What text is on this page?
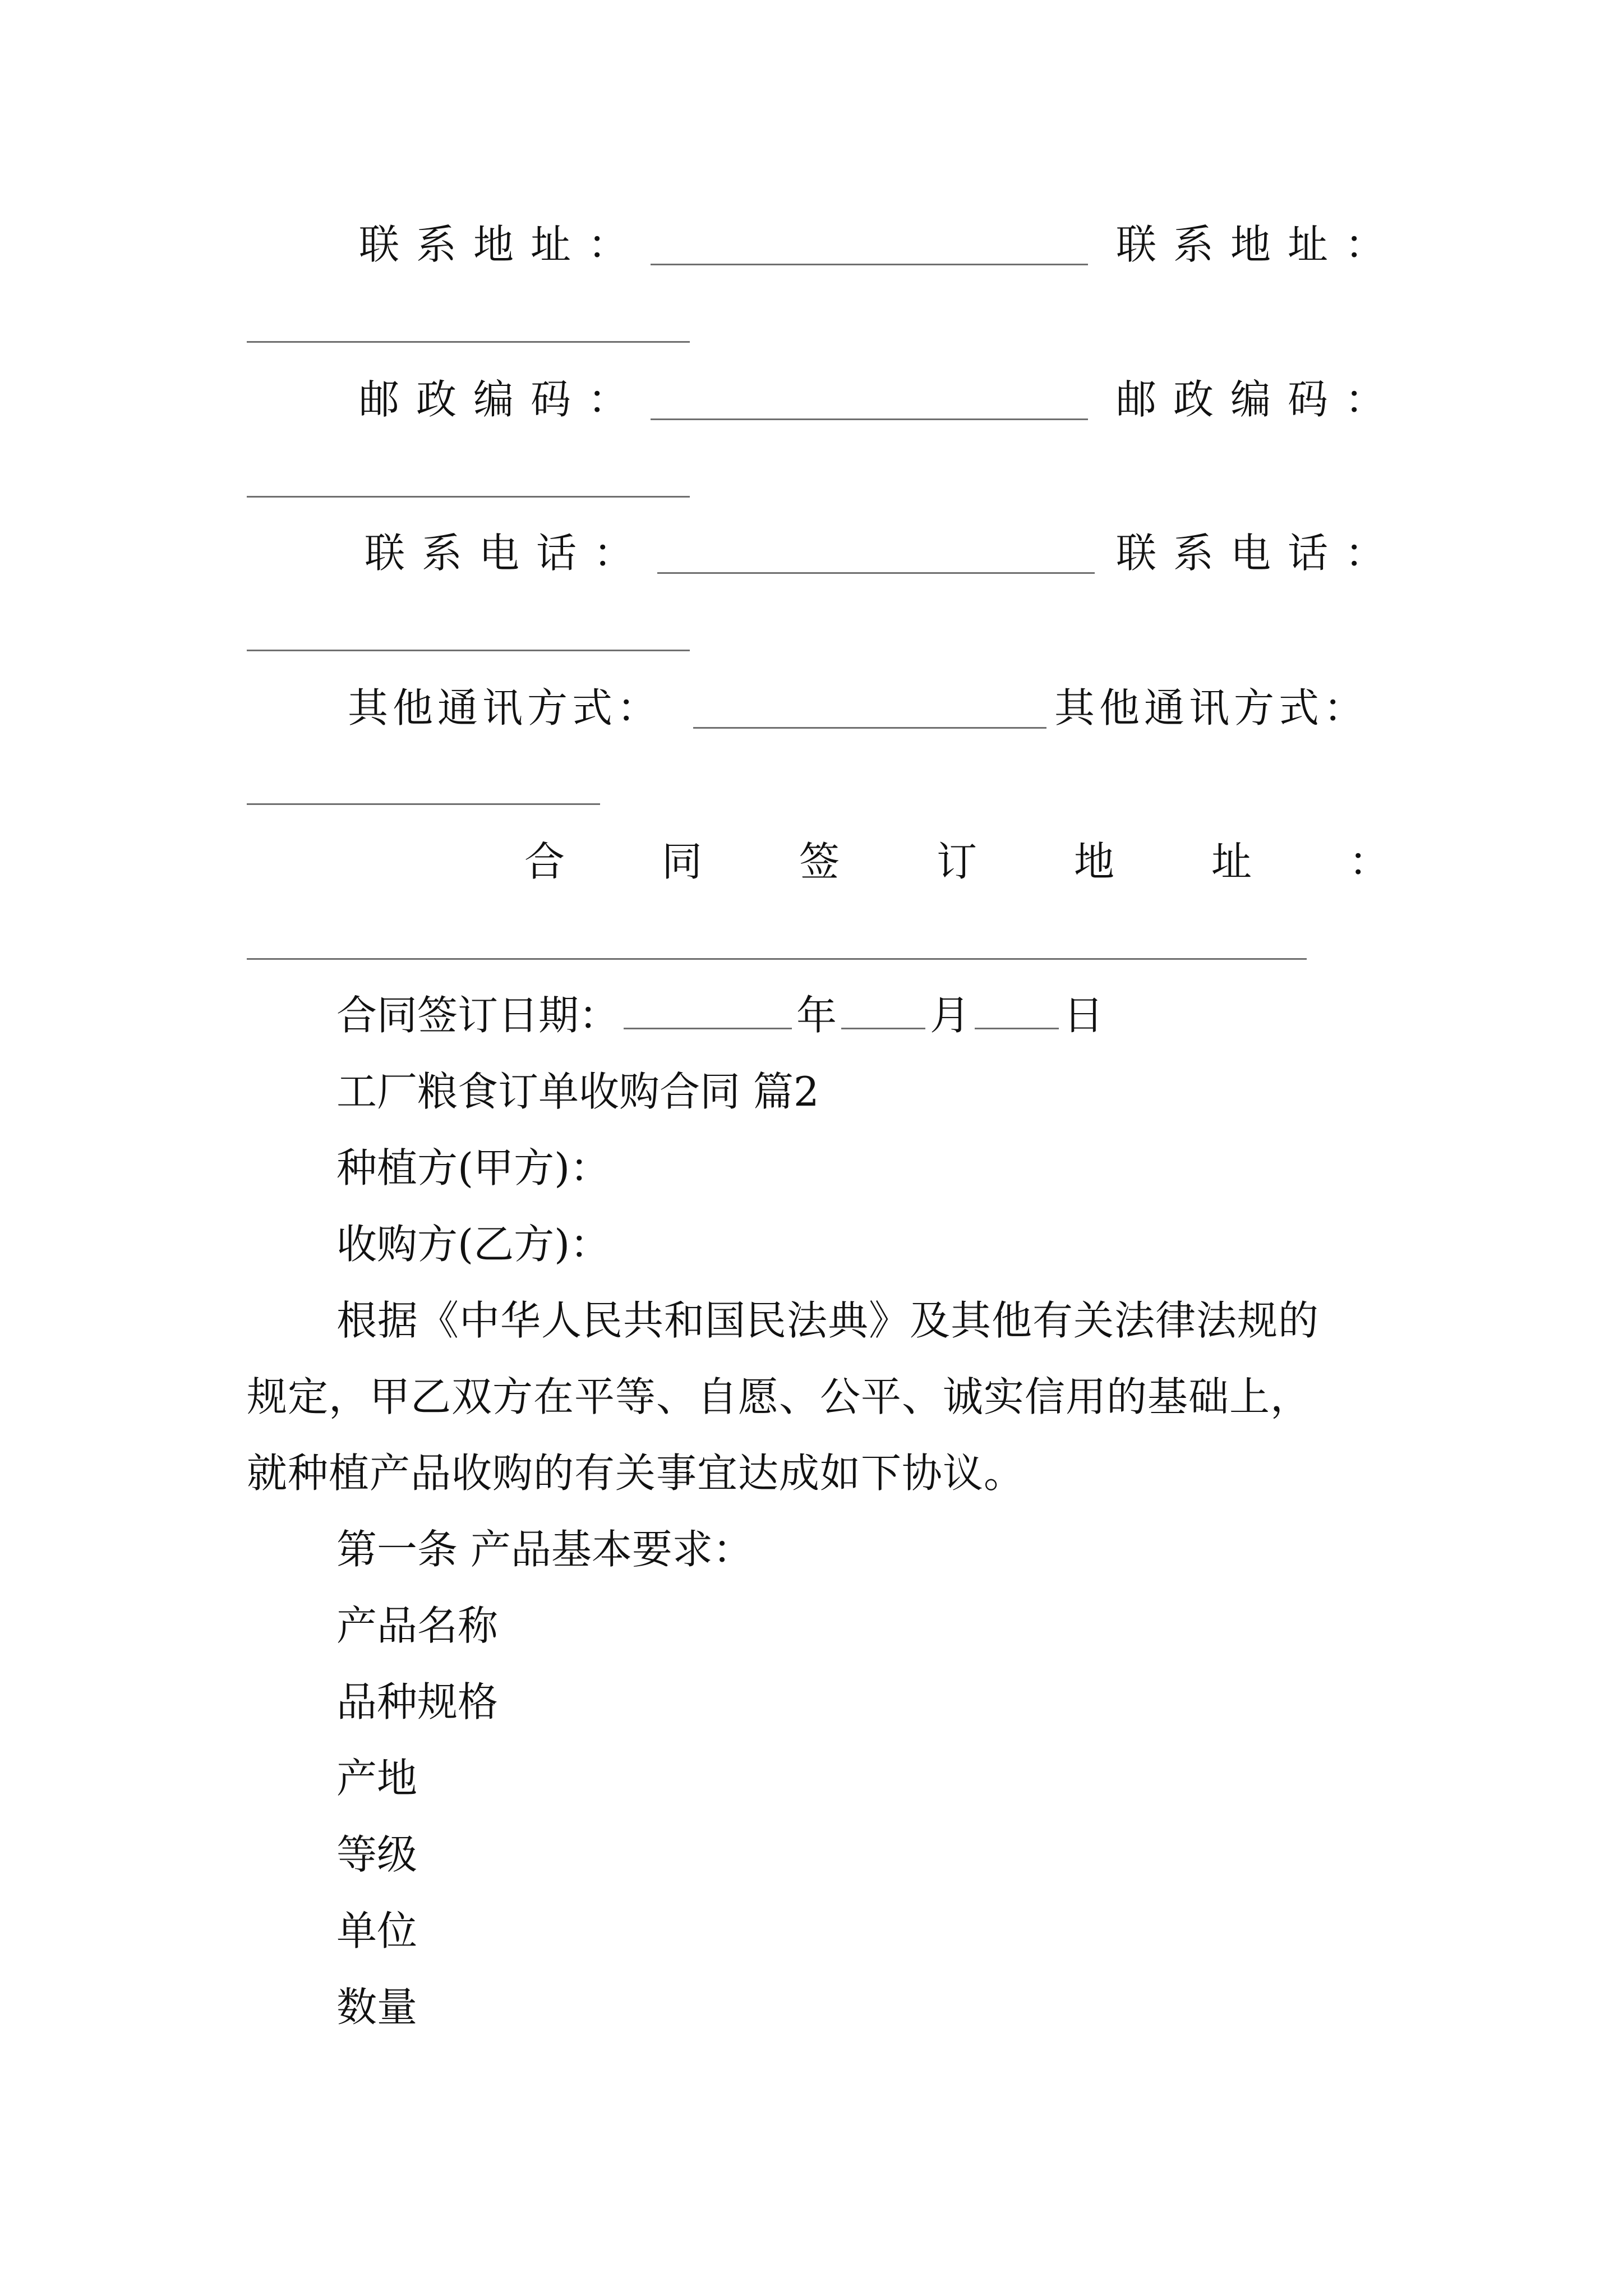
联系地址：	联系地址：
邮政编码：	邮政编码：
联系电话：	联系电话：
其他通讯方式：	其他通讯方式：
合 同 签 订 地 址 ：
合同签订日期：	年 月 日
工厂粮食订单收购合同 篇2
种植方(甲方)：
收购方(乙方)：
根据《中华人民共和国民法典》及其他有关法律法规的
规定，甲乙双方在平等、自愿、公平、诚实信用的基础上，
就种植产品收购的有关事宜达成如下协议。
第一条 产品基本要求：
产品名称
品种规格
产地
等级
单位
数量
